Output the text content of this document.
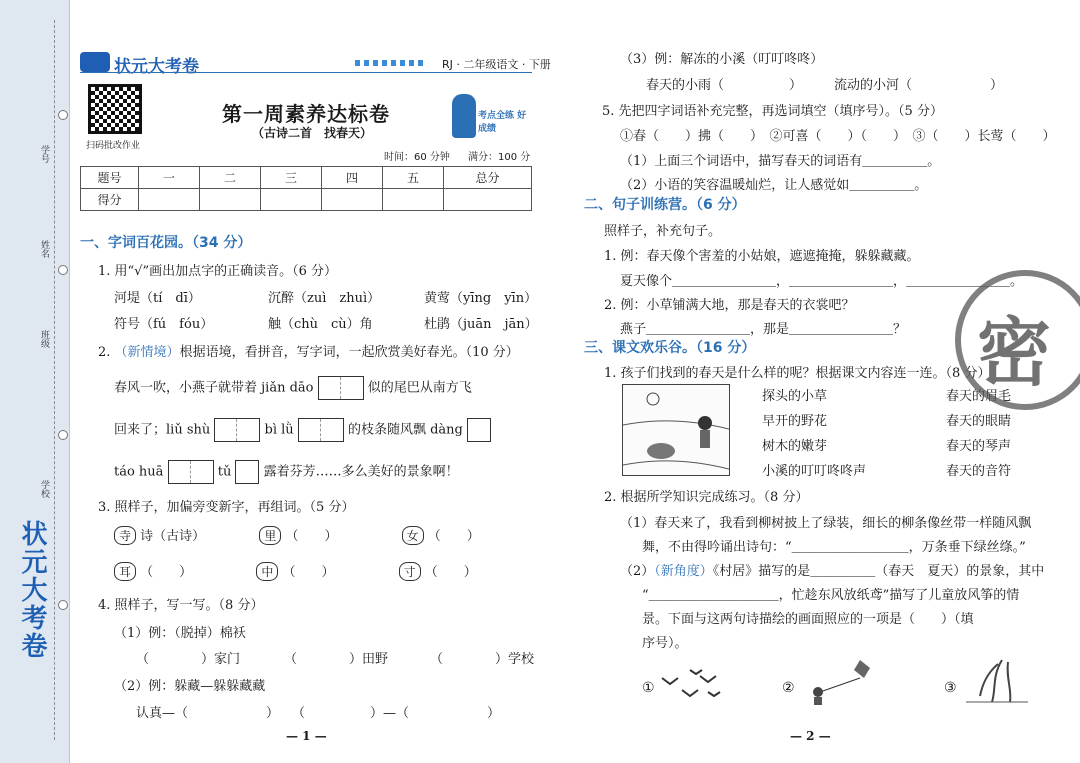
学号
姓名
班级
学校
状元大考卷
状元大考卷	RJ · 二年级语文 · 下册
扫码批改作业
第一周素养达标卷
（古诗二首　找春天）
考点全练 好成绩
时间：60 分钟 满分：100 分
题号	一	二	三	四	五	总分
得分						
一、字词百花园。（34 分）
1. 用“√”画出加点字的正确读音。（6 分）
河堤（tí　dī）	沉醉（zuì　zhuì）	黄莺（yīng　yīn）
符号（fú　fóu）	触（chù　cù）角	杜鹃（juān　jān）
2. （新情境）根据语境，看拼音，写字词，一起欣赏美好春光。（10 分）
春风一吹，小燕子就带着 jiǎn dāo	似的尾巴从南方飞
回来了；liǔ shù	bì lǜ	的枝条随风飘 dàng
táo huā	tǔ 露着芬芳……多么美好的景象啊！
3. 照样子，加偏旁变新字，再组词。（5 分）
寺 诗（古诗）	里 （　　）	女 （　　）
耳 （　　）	中 （　　）	寸 （　　）
4. 照样子，写一写。（8 分）
（1）例：（脱掉）棉袄
（　　　　）家门	（　　　　）田野	（　　　　）学校
（2）例：躲藏—躲躲藏藏
认真—（　　　　　　）　　（　　　　　）—（　　　　　　）
— 1 —
（3）例：解冻的小溪（叮叮咚咚）
春天的小雨（　　　　　） 流动的小河（　　　　　　）
5. 先把四字词语补充完整，再选词填空（填序号）。（5 分）
①春（　　）拂（　　）　②可喜（　　）（　　）　③（　　）长莺（　　）
（1）上面三个词语中，描写春天的词语有＿＿＿＿＿。
（2）小语的笑容温暖灿烂，让人感觉如＿＿＿＿＿。
二、句子训练营。（6 分）
照样子，补充句子。
1. 例：春天像个害羞的小姑娘，遮遮掩掩，躲躲藏藏。
夏天像个＿＿＿＿＿＿＿＿，＿＿＿＿＿＿＿＿，＿＿＿＿＿＿＿＿。
2. 例：小草铺满大地，那是春天的衣裳吧？
燕子＿＿＿＿＿＿＿＿，那是＿＿＿＿＿＿＿＿？
三、课文欢乐谷。（16 分）
1. 孩子们找到的春天是什么样的呢？根据课文内容连一连。（8 分）
探头的小草
早开的野花
树木的嫩芽
小溪的叮叮咚咚声
春天的眉毛
春天的眼睛
春天的琴声
春天的音符
密
2. 根据所学知识完成练习。（8 分）
（1）春天来了，我看到柳树披上了绿装，细长的柳条像丝带一样随风飘
舞，不由得吟诵出诗句：“＿＿＿＿＿＿＿＿＿，万条垂下绿丝绦。”
（2）（新角度）《村居》描写的是＿＿＿＿＿（春天　夏天）的景象，其中
“＿＿＿＿＿＿＿＿＿＿，忙趁东风放纸鸢”描写了儿童放风筝的情
景。下面与这两句诗描绘的画面照应的一项是（　　）（填
序号）。
①	②	③
— 2 —
